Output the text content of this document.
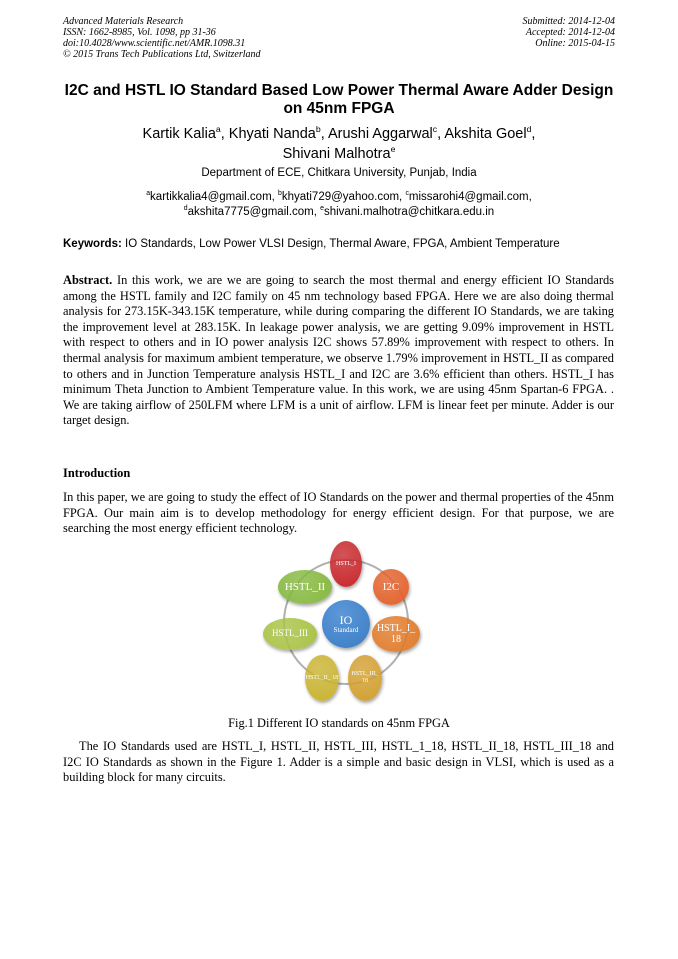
Advanced Materials Research
ISSN: 1662-8985, Vol. 1098, pp 31-36
doi:10.4028/www.scientific.net/AMR.1098.31
© 2015 Trans Tech Publications Ltd, Switzerland
Submitted: 2014-12-04
Accepted: 2014-12-04
Online: 2015-04-15
I2C and HSTL IO Standard Based Low Power Thermal Aware Adder Design on 45nm FPGA
Kartik Kalia$^a$, Khyati Nanda$^b$, Arushi Aggarwal$^c$, Akshita Goel$^d$,
Shivani Malhotra$^e$
Department of ECE, Chitkara University, Punjab, India
$^a$kartikkalia4@gmail.com, $^b$khyati729@yahoo.com, $^c$missarohi4@gmail.com,
$^d$akshita7775@gmail.com, $^e$shivani.malhotra@chitkara.edu.in
Keywords: IO Standards, Low Power VLSI Design, Thermal Aware, FPGA, Ambient Temperature
Abstract. In this work, we are we are going to search the most thermal and energy efficient IO Standards among the HSTL family and I2C family on 45 nm technology based FPGA. Here we are also doing thermal analysis for 273.15K-343.15K temperature, while during comparing the different IO Standards, we are taking the improvement level at 283.15K. In leakage power analysis, we are getting 9.09% improvement in HSTL with respect to others and in IO power analysis I2C shows 57.89% improvement with respect to others. In thermal analysis for maximum ambient temperature, we observe 1.79% improvement in HSTL_II as compared to others and in Junction Temperature analysis HSTL_I and I2C are 3.6% efficient than others. HSTL_I has minimum Theta Junction to Ambient Temperature value. In this work, we are using 45nm Spartan-6 FPGA. . We are taking airflow of 250LFM where LFM is a unit of airflow. LFM is linear feet per minute. Adder is our target design.
Introduction
In this paper, we are going to study the effect of IO Standards on the power and thermal properties of the 45nm FPGA. Our main aim is to develop methodology for energy efficient design. For that purpose, we are searching the most energy efficient technology.
HSTL_I
I2C
HSTL_I_ 18
HSTL_III_ 18
HSTL_II_ 18
HSTL_III
HSTL_II
IO
Standard
Fig.1 Different IO standards on 45nm FPGA
The IO Standards used are HSTL_I, HSTL_II, HSTL_III, HSTL_1_18, HSTL_II_18, HSTL_III_18 and I2C IO Standards as shown in the Figure 1. Adder is a simple and basic design in VLSI, which is used as a building block for many circuits.
